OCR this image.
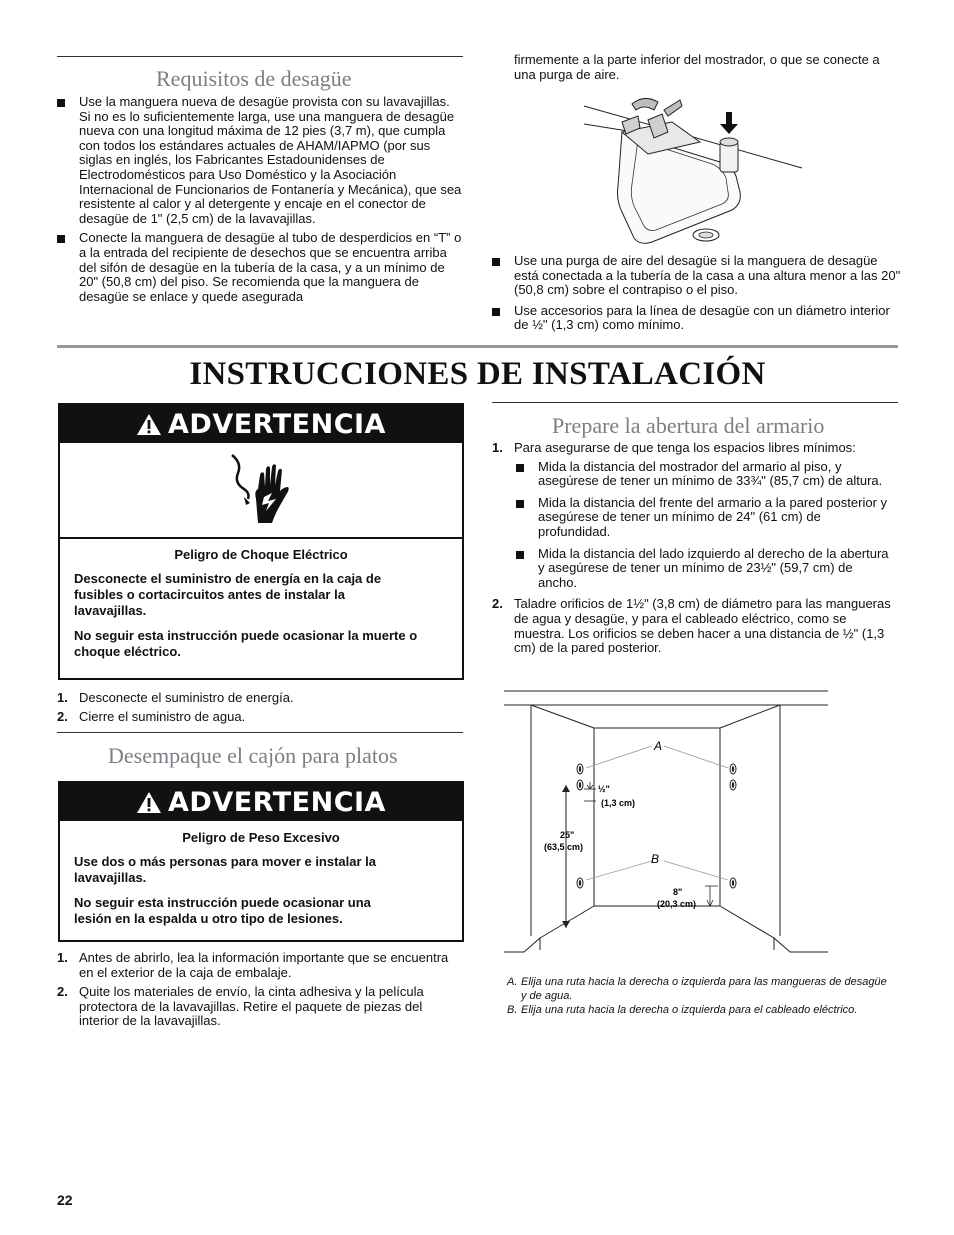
Requisitos de desagüe
Use la manguera nueva de desagüe provista con su lavavajillas. Si no es lo suficientemente larga, use una manguera de desagüe nueva con una longitud máxima de 12 pies (3,7 m), que cumpla con todos los estándares actuales de AHAM/IAPMO (por sus siglas en inglés, los Fabricantes Estadounidenses de Electrodomésticos para Uso Doméstico y la Asociación Internacional de Funcionarios de Fontanería y Mecánica), que sea resistente al calor y al detergente y encaje en el conector de desagüe de 1" (2,5 cm) de la lavavajillas.
Conecte la manguera de desagüe al tubo de desperdicios en “T” o a la entrada del recipiente de desechos que se encuentra arriba del sifón de desagüe en la tubería de la casa, y a un mínimo de 20" (50,8 cm) del piso. Se recomienda que la manguera de desagüe se enlace y quede asegurada
firmemente a la parte inferior del mostrador, o que se conecte a una purga de aire.
Use una purga de aire del desagüe si la manguera de desagüe está conectada a la tubería de la casa a una altura menor a las 20" (50,8 cm) sobre el contrapiso o el piso.
Use accesorios para la línea de desagüe con un diámetro interior de ½" (1,3 cm) como mínimo.
INSTRUCCIONES DE INSTALACIÓN
ADVERTENCIA

Peligro de Choque Eléctrico

Desconecte el suministro de energía en la caja de fusibles o cortacircuitos antes de instalar la lavavajillas.

No seguir esta instrucción puede ocasionar la muerte o choque eléctrico.

1. Desconecte el suministro de energía.
2. Cierre el suministro de agua.
Desempaque el cajón para platos
ADVERTENCIA

Peligro de Peso Excesivo

Use dos o más personas para mover e instalar la lavavajillas.

No seguir esta instrucción puede ocasionar una lesión en la espalda u otro tipo de lesiones.

1. Antes de abrirlo, lea la información importante que se encuentra en el exterior de la caja de embalaje.
2. Quite los materiales de envío, la cinta adhesiva y la película protectora de la lavavajillas. Retire el paquete de piezas del interior de la lavavajillas.
Prepare la abertura del armario
1. Para asegurarse de que tenga los espacios libres mínimos:
Mida la distancia del mostrador del armario al piso, y asegúrese de tener un mínimo de 33¾" (85,7 cm) de altura.
Mida la distancia del frente del armario a la pared posterior y asegúrese de tener un mínimo de 24" (61 cm) de profundidad.
Mida la distancia del lado izquierdo al derecho de la abertura y asegúrese de tener un mínimo de 23½" (59,7 cm) de ancho.
2. Taladre orificios de 1½" (3,8 cm) de diámetro para las mangueras de agua y desagüe, y para el cableado eléctrico, como se muestra. Los orificios se deben hacer a una distancia de ½" (1,3 cm) de la pared posterior.
A
B
½"
(1,3 cm)
25"
(63,5 cm)
8"
(20,3 cm)
A. Elija una ruta hacia la derecha o izquierda para las mangueras de desagüe y de agua.
B. Elija una ruta hacia la derecha o izquierda para el cableado eléctrico.
22
